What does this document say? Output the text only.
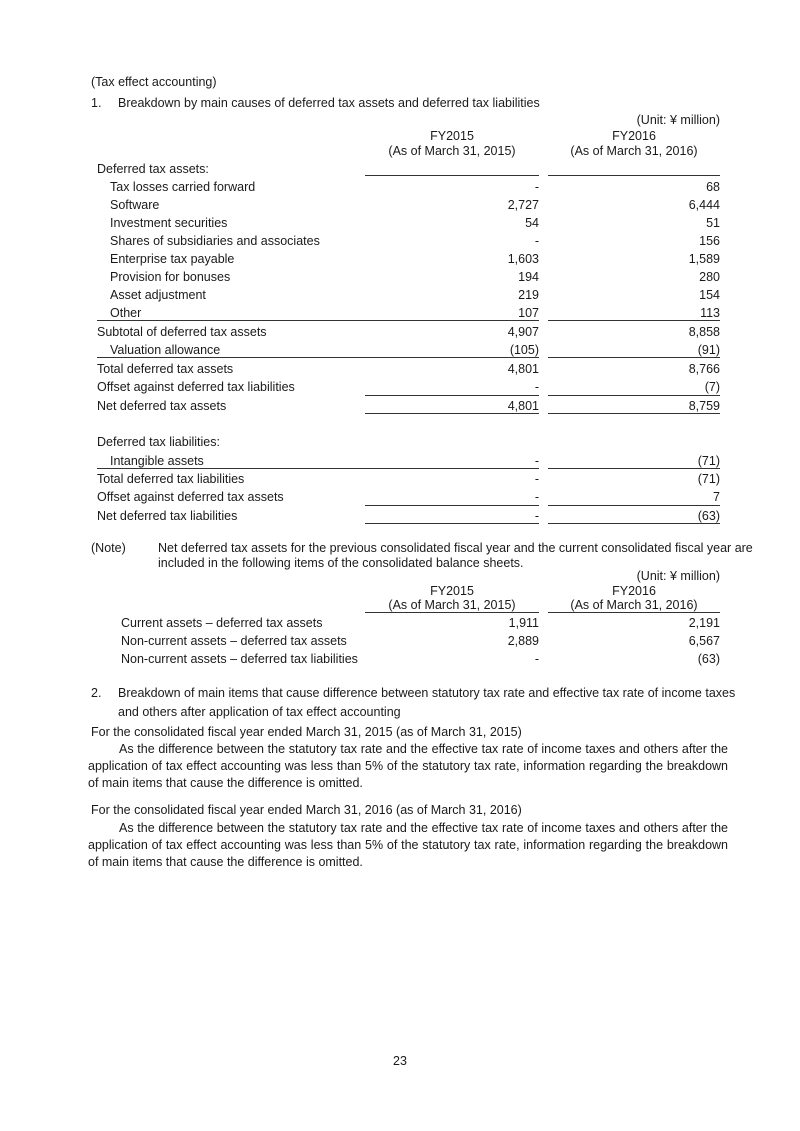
(Tax effect accounting)
1. Breakdown by main causes of deferred tax assets and deferred tax liabilities
(Unit: ¥ million)
FY2015
(As of March 31, 2015)
FY2016
(As of March 31, 2016)
Deferred tax assets:
Tax losses carried forward	-	68
Software	2,727	6,444
Investment securities	54	51
Shares of subsidiaries and associates	-	156
Enterprise tax payable	1,603	1,589
Provision for bonuses	194	280
Asset adjustment	219	154
Other	107	113
Subtotal of deferred tax assets	4,907	8,858
Valuation allowance	(105)	(91)
Total deferred tax assets	4,801	8,766
Offset against deferred tax liabilities	-	(7)
Net deferred tax assets	4,801	8,759
Deferred tax liabilities:
Intangible assets	-	(71)
Total deferred tax liabilities	-	(71)
Offset against deferred tax assets	-	7
Net deferred tax liabilities	-	(63)
(Note)	Net deferred tax assets for the previous consolidated fiscal year and the current consolidated fiscal year are
included in the following items of the consolidated balance sheets.
(Unit: ¥ million)
FY2015
(As of March 31, 2015)
FY2016
(As of March 31, 2016)
Current assets – deferred tax assets	1,911	2,191
Non-current assets – deferred tax assets	2,889	6,567
Non-current assets – deferred tax liabilities	-	(63)
2. Breakdown of main items that cause difference between statutory tax rate and effective tax rate of income taxes
and others after application of tax effect accounting
For the consolidated fiscal year ended March 31, 2015 (as of March 31, 2015)
As the difference between the statutory tax rate and the effective tax rate of income taxes and others after the application of tax effect accounting was less than 5% of the statutory tax rate, information regarding the breakdown of main items that cause the difference is omitted.
For the consolidated fiscal year ended March 31, 2016 (as of March 31, 2016)
As the difference between the statutory tax rate and the effective tax rate of income taxes and others after the application of tax effect accounting was less than 5% of the statutory tax rate, information regarding the breakdown of main items that cause the difference is omitted.
23
